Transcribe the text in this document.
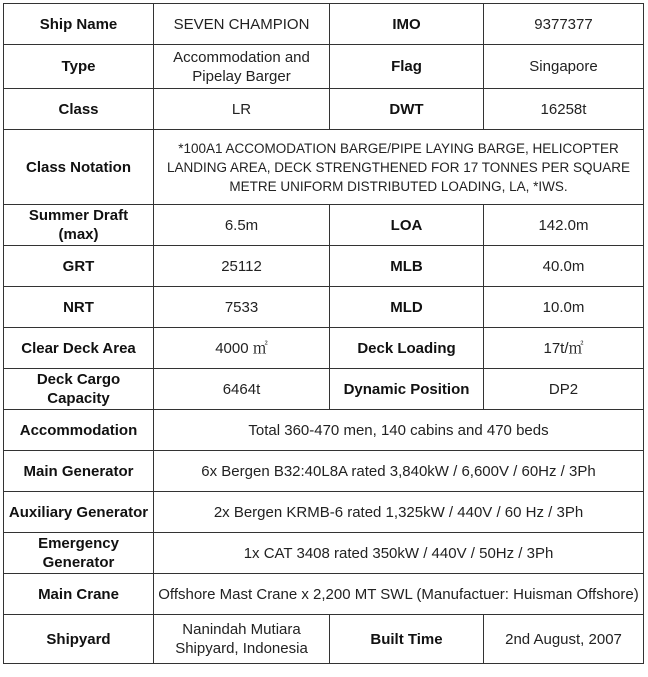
Ship Name	SEVEN CHAMPION	IMO	9377377
Type	Accommodation and Pipelay Barger	Flag	Singapore
Class	LR	DWT	16258t
Class Notation	*100A1 ACCOMODATION BARGE/PIPE LAYING BARGE, HELICOPTER LANDING AREA, DECK STRENGTHENED FOR 17 TONNES PER SQUARE METRE UNIFORM DISTRIBUTED LOADING, LA, *IWS.		
Summer Draft (max)	6.5m	LOA	142.0m
GRT	25112	MLB	40.0m
NRT	7533	MLD	10.0m
Clear Deck Area	4000 ㎡	Deck Loading	17t/㎡
Deck Cargo Capacity	6464t	Dynamic Position	DP2
Accommodation	Total 360-470 men, 140 cabins and 470 beds		
Main Generator	6x Bergen B32:40L8A rated 3,840kW / 6,600V / 60Hz / 3Ph		
Auxiliary Generator	2x Bergen KRMB-6 rated 1,325kW / 440V / 60 Hz / 3Ph		
Emergency Generator	1x CAT 3408 rated 350kW / 440V / 50Hz / 3Ph		
Main Crane	Offshore Mast Crane x 2,200 MT SWL (Manufactuer: Huisman Offshore)		
Shipyard	Nanindah Mutiara Shipyard, Indonesia	Built Time	2nd August, 2007
